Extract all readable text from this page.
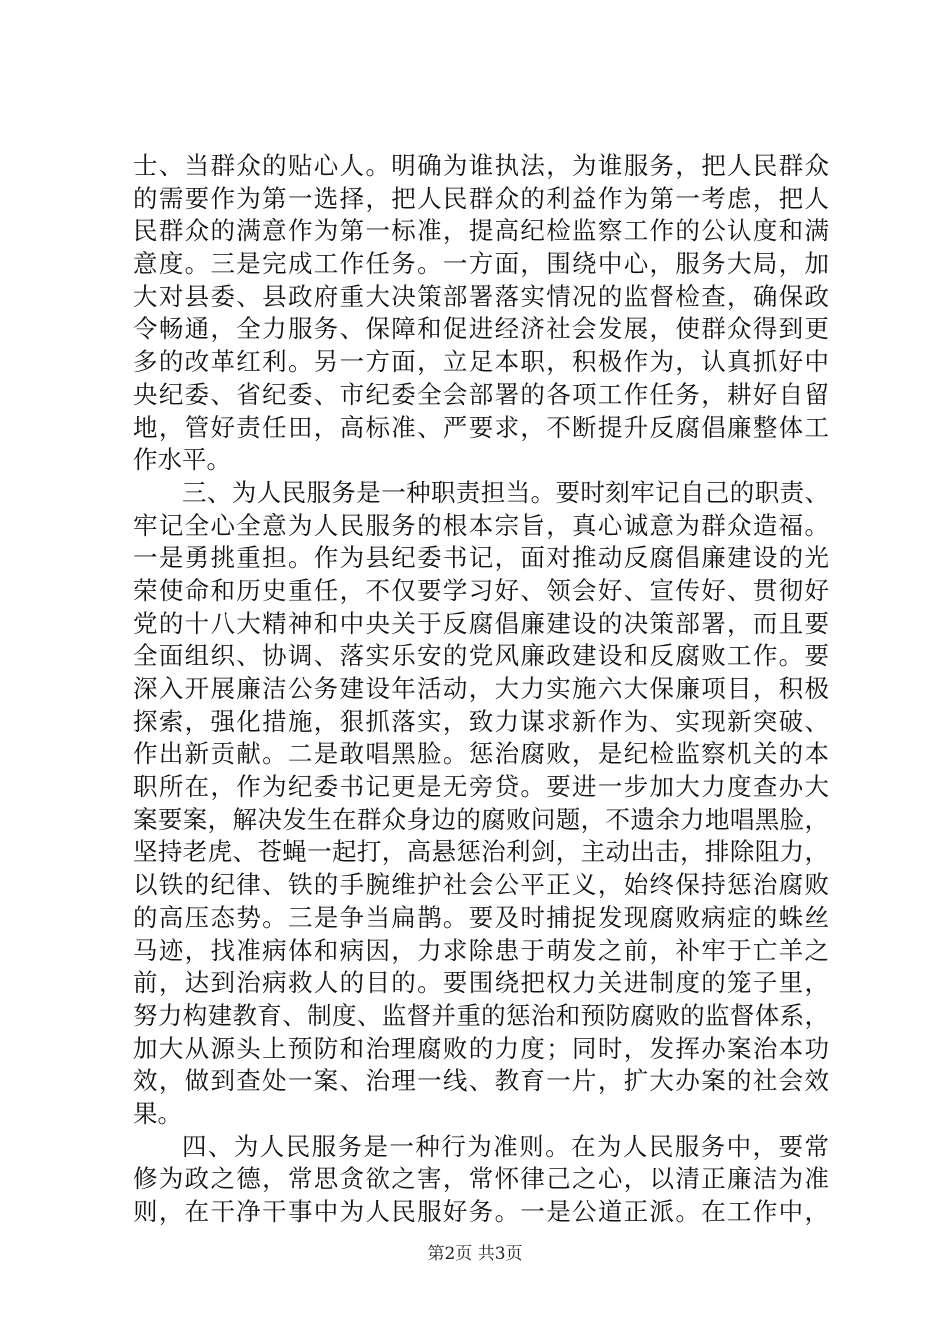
士、当群众的贴心人。明确为谁执法，为谁服务，把人民群众
的需要作为第一选择，把人民群众的利益作为第一考虑，把人
民群众的满意作为第一标准，提高纪检监察工作的公认度和满
意度。三是完成工作任务。一方面，围绕中心，服务大局，加
大对县委、县政府重大决策部署落实情况的监督检查，确保政
令畅通，全力服务、保障和促进经济社会发展，使群众得到更
多的改革红利。另一方面，立足本职，积极作为，认真抓好中
央纪委、省纪委、市纪委全会部署的各项工作任务，耕好自留
地，管好责任田，高标准、严要求，不断提升反腐倡廉整体工
作水平。
三、为人民服务是一种职责担当。要时刻牢记自己的职责、
牢记全心全意为人民服务的根本宗旨，真心诚意为群众造福。
一是勇挑重担。作为县纪委书记，面对推动反腐倡廉建设的光
荣使命和历史重任，不仅要学习好、领会好、宣传好、贯彻好
党的十八大精神和中央关于反腐倡廉建设的决策部署，而且要
全面组织、协调、落实乐安的党风廉政建设和反腐败工作。要
深入开展廉洁公务建设年活动，大力实施六大保廉项目，积极
探索，强化措施，狠抓落实，致力谋求新作为、实现新突破、
作出新贡献。二是敢唱黑脸。惩治腐败，是纪检监察机关的本
职所在，作为纪委书记更是无旁贷。要进一步加大力度查办大
案要案，解决发生在群众身边的腐败问题，不遗余力地唱黑脸，
坚持老虎、苍蝇一起打，高悬惩治利剑，主动出击，排除阻力，
以铁的纪律、铁的手腕维护社会公平正义，始终保持惩治腐败
的高压态势。三是争当扁鹊。要及时捕捉发现腐败病症的蛛丝
马迹，找准病体和病因，力求除患于萌发之前，补牢于亡羊之
前，达到治病救人的目的。要围绕把权力关进制度的笼子里，
努力构建教育、制度、监督并重的惩治和预防腐败的监督体系，
加大从源头上预防和治理腐败的力度；同时，发挥办案治本功
效，做到查处一案、治理一线、教育一片，扩大办案的社会效
果。
四、为人民服务是一种行为准则。在为人民服务中，要常
修为政之德，常思贪欲之害，常怀律己之心，以清正廉洁为准
则，在干净干事中为人民服好务。一是公道正派。在工作中，
第2页 共3页
